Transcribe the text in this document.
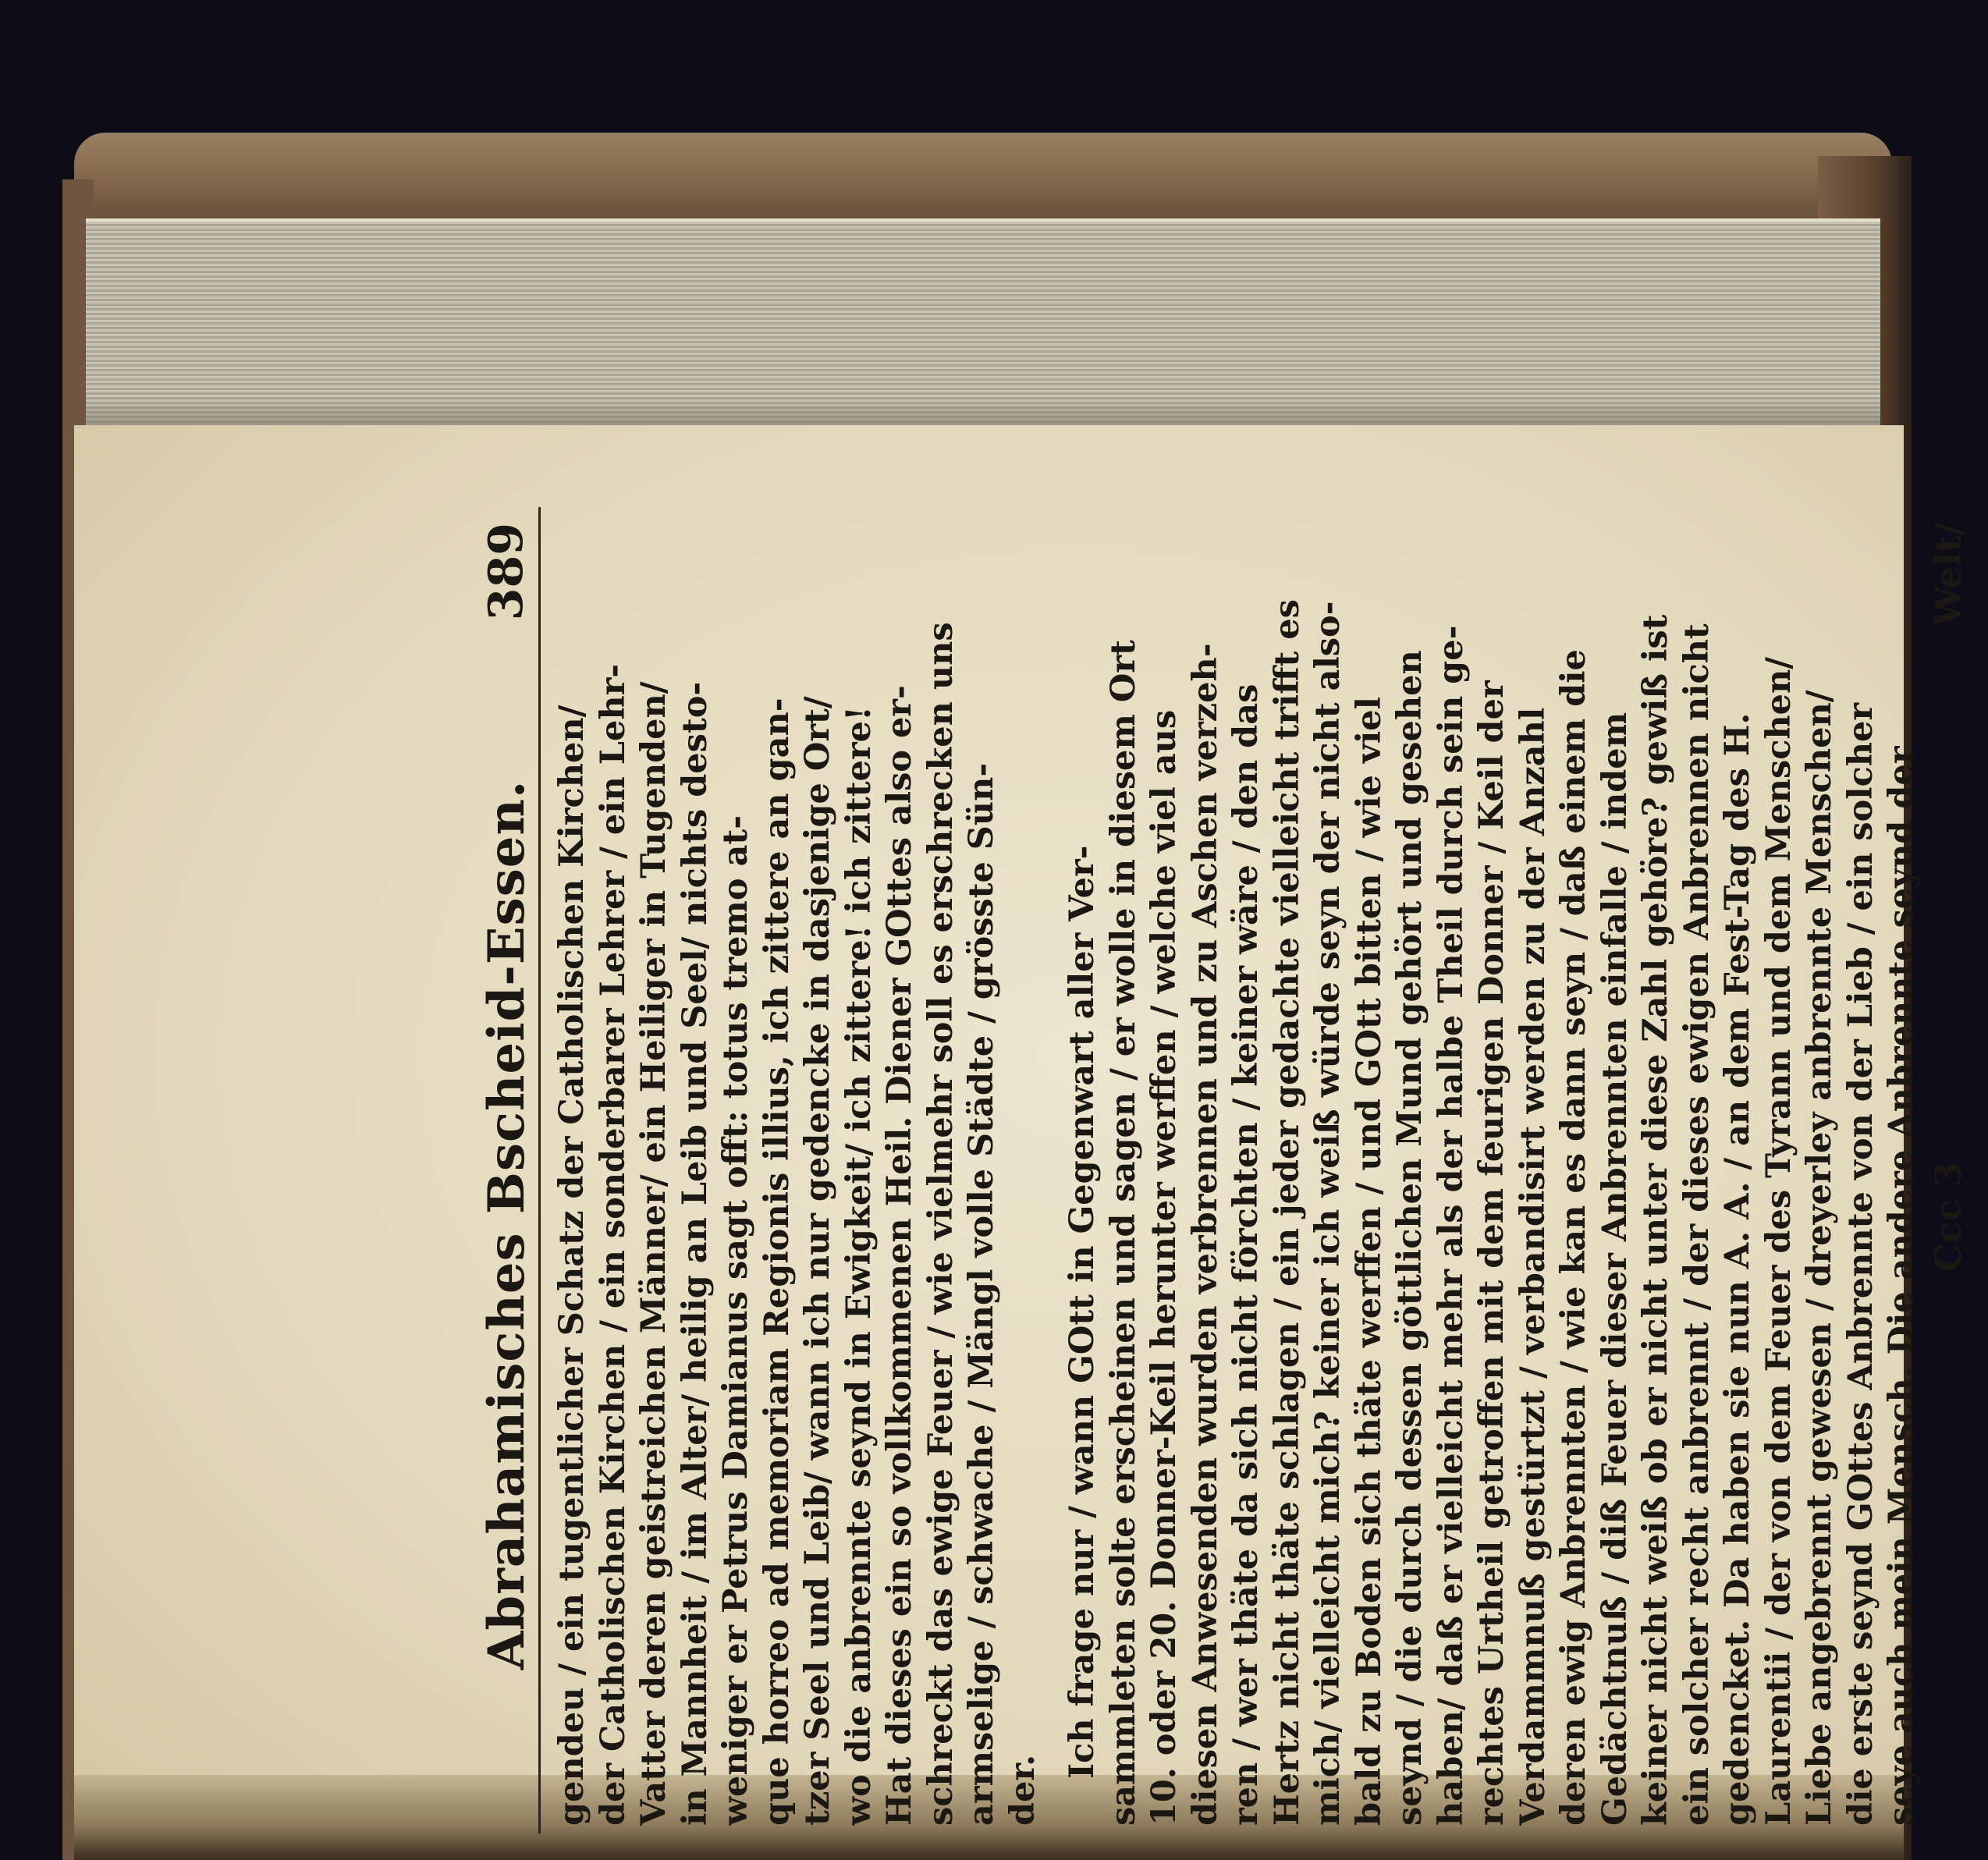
Abrahamisches Bscheid-Essen.
389
gendeu / ein tugentlicher Schatz der Catholischen Kirchen/ der Catholischen Kirchen / ein sonderbarer Lehrer / ein Lehr- Vatter deren geistreichen Männer/ ein Heiliger in Tugenden/ in Mannheit / im Alter/ heilig an Leib und Seel/ nichts desto- weniger er Petrus Damianus sagt offt: totus tremo at- que horreo ad memoriam Regionis illius, ich zittere an gan- tzer Seel und Leib/ wann ich nur gedencke in dasjenige Ort/ wo die anbrennte seynd in Ewigkeit/ ich zittere! ich zittere! Hat dieses ein so vollkommenen Heil. Diener GOttes also er- schreckt das ewige Feuer / wie vielmehr soll es erschrecken uns armselige / schwache / Mängl volle Städte / grösste Sün- der.
Ich frage nur / wann GOtt in Gegenwart aller Ver- sammleten solte erscheinen und sagen / er wolle in diesem Ort 10. oder 20. Donner-Keil herunter werffen / welche viel aus diesen Anwesenden wurden verbrennen und zu Aschen verzeh- ren / wer thäte da sich nicht förchten / keiner wäre / den das Hertz nicht thäte schlagen / ein jeder gedachte vielleicht trifft es mich/ vielleicht mich? keiner ich weiß würde seyn der nicht also- bald zu Boden sich thäte werffen / und GOtt bitten / wie viel seynd / die durch dessen göttlichen Mund gehört und gesehen haben/ daß er vielleicht mehr als der halbe Theil durch sein ge- rechtes Urtheil getroffen mit dem feurigen Donner / Keil der Verdammnuß gestürtzt / verbandisirt werden zu der Anzahl deren ewig Anbrennten / wie kan es dann seyn / daß einem die Gedächtnuß / diß Feuer dieser Anbrennten einfalle / indem keiner nicht weiß ob er nicht unter diese Zahl gehöre? gewiß ist ein solcher recht anbrennt / der dieses ewigen Anbrennen nicht gedencket. Da haben sie nun A. A. / an dem Fest-Tag des H. Laurentii / der von dem Feuer des Tyrann und dem Menschen/ Liebe angebrennt gewesen / dreyerley anbrennte Menschen/ die erste seynd GOttes Anbrennte von der Lieb / ein solcher seye auch mein Mensch. Die andere Anbrennte seynd der Ccc 3
Welt/
